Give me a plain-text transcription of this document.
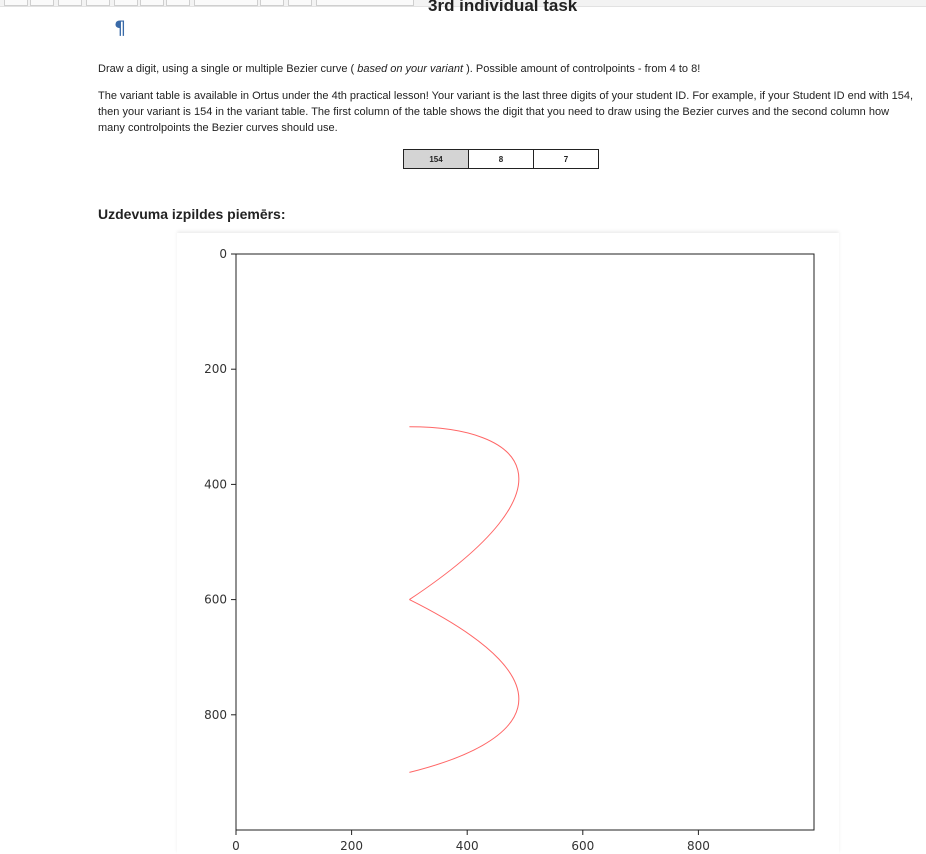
3rd individual task
¶
Draw a digit, using a single or multiple Bezier curve ( based on your variant ). Possible amount of controlpoints - from 4 to 8!
The variant table is available in Ortus under the 4th practical lesson! Your variant is the last three digits of your student ID. For example, if your Student ID end with 154, then your variant is 154 in the variant table. The first column of the table shows the digit that you need to draw using the Bezier curves and the second column how many controlpoints the Bezier curves should use.
154	8	7
Uzdevuma izpildes piemērs:
0	200	400	600	800
0
200
400
600
800
